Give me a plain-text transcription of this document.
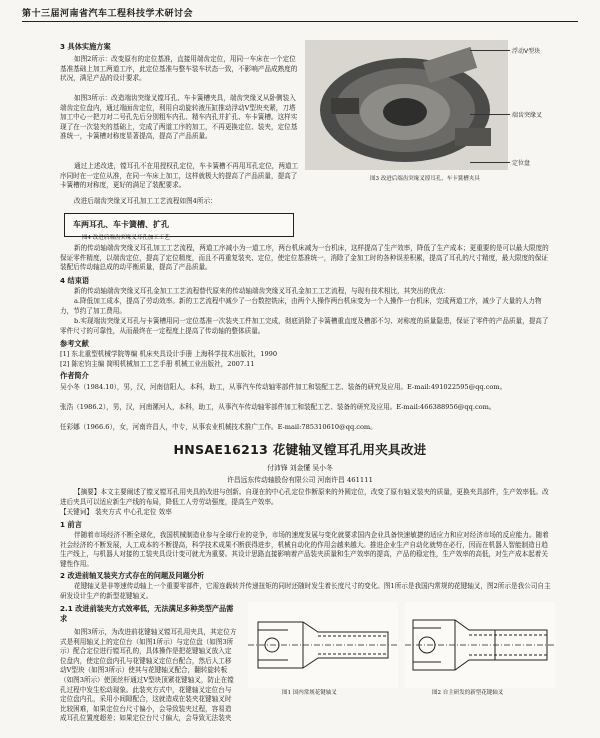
第十三届河南省汽车工程科技学术研讨会
3 具体实施方案
如图2所示：改变原有的定位基准，直接用端齿定位，用同一车床在一个定位基准基础上加工两道工序，此定位基准与整车装车状态一致，不影响产品成熟度的状况，满足产品的设计要求。
如图3所示：改造端齿突缘叉镗耳孔、车卡簧槽夹具，端齿突缘叉从卧侧装入端齿定位盘内，通过端面齿定位，利用自动旋转液压缸推动浮动V型块夹紧，刀塔加工中心一把刀对二号孔先后分别粗车内孔、精车内孔并扩孔、车卡簧槽。这样实现了在一次装夹的基础上，完成了两道工序的加工，不再更换定位、装夹，定位基准统一，卡簧槽对称度显著提高，提高了产品质量。
通过上述改进，镗耳孔不在用授权孔定位，车卡簧槽不再用耳孔定位，两道工序同时在一定位从准，在同一车床上加工，这样就极大的提高了产品质量，提高了卡簧槽的对称度，更好的满足了装配要求。
改进后端齿突缘叉耳孔加工工艺流程如图4所示：
浮动V型块
端齿突缘叉
定位盘
图3 改进后端齿突缘叉镗耳孔、车卡簧槽夹具
车两耳孔、车卡簧槽、扩孔
图4 改进后端齿突缘叉耳孔加工工艺
新的传动轴端齿突缘叉耳孔加工工艺流程，两道工序减小为一道工序，两台机床减为一台机床，这样提高了生产效率，降低了生产成本；更重要的是可以最大限度的保证零件精度，以端齿定位，提高了定位精度，而且不再重复装夹、定位，使定位基准统一，消除了金加工时的各种误差积累，提高了耳孔的尺寸精度，最大限度的保证装配后传动轴总成的动平衡质量，提高了产品质量。
4 结束语
新的传动轴端齿突缘叉耳孔金加工工艺流程替代原来的传动轴端齿突缘叉耳孔金加工工艺流程，与现有技术相比，其突出的优点：
a.降低加工成本，提高了劳动效率。新的工艺流程中减少了一台数控铣床，由两个人操作两台机床变为一个人操作一台机床，完成两道工序，减少了大量的人力物力，节约了加工费用。
b.实现端齿突缘叉耳孔与卡簧槽用同一定位基准一次装夹工件加工完成，彻底消除了卡簧槽重直度及槽部不匀、对称度的质量隐患，保证了零件的产品质量，提高了零件尺寸的可靠性，从而最终在一定程度上提高了传动轴的整体质量。
参考文献
[1] 东北重型机械学院等编 机床夹具设计手册 上海科学技术出版社，1990
[2] 陈宏钧主编 简明机械加工工艺手册 机械工业出版社，2007.11
作者简介
吴小冬（1984.10），男，汉，河南信阳人，本科，助工，从事汽车传动轴零部件加工和装配工艺、装备的研究及应用。E-mail:491022595@qq.com。
张浩（1986.2），男，汉，河南漯河人，本科，助工，从事汽车传动轴零部件加工和装配工艺、装备的研究及应用。E-mail:466388956@qq.com。
任彩娜（1966.6），女，河南许昌人，中专，从事农业机械技术推广工作。E-mail:785310610@qq.com。
HNSAE16213 花键轴叉镗耳孔用夹具改进
付沛锋 刘金懂 吴小冬
许昌远东传动轴股份有限公司 河南许昌 461111
【摘要】本文主要阐述了镗叉镗耳孔用夹具的改进与创新。自现在的中心孔定位作断原来的外圆定位，改变了原有轴叉装夹的质量，更换夹具部件，生产效率低。改进后夹具可以适应新生产线的布局，降低工人劳劳动强度，提高生产效率。
【关键词】 装夹方式 中心孔定位 效率
1 前言
伴随着市场经济不断全球化，我国机械制造业参与全球行业的竞争，市场的速度发展与变化就要求国内企业具备快速敏捷的适应力和应对经济市场的反应能力。随着社会经济的不断发展，人工成本的不断提高，科学技术成果不断获得进步，机械自动化的作用会越来越大。推进企业生产自动化就势在必行，因而在机器人智能制造日趋生产线上，与机器人对接的工装夹具设计变可就尤为重要。其设计思路直接影响着产品装夹质量和生产效率的提高，产品的稳定性，生产效率的高低，对生产成本起着关键性作用。
2 改进前轴叉装夹方式存在的问题及问题分析
花键轴叉是非等速传动轴上一个重要零部件，它需连载转并传递扭矩的同时还随时发生着长度尺寸的变化。图1所示是我国内常规的花键轴叉，图2所示是我公司自主研发设计生产的新型花键轴叉。
2.1 改进前装夹方式效率低，无法满足多种类型产品需求
如图3所示，为改进前花键轴叉镗耳孔用夹具，其定位方式是利用轴叉上的定位台（如图1所示）与定位盘（如图3所示）配合定位进行镗耳孔的，具体操作是把花键轴叉放入定位盘内，使定位盘内孔与花键轴叉定位台配合，然后人工移动V型块（如图3所示）使其与花键轴叉配合，翻转旋转板（如图3所示）使顶丝杆通过V型块顶紧花键轴叉，防止在镗孔过程中发生松动现象。此装夹方式中，花键轴叉定位台与定位盘内孔，采用小间隙配合，这就造成在装夹花键轴叉时比较困难，如果定位台尺寸偏小，会导致装夹过程，容易造成耳孔位置度超差；如果定位台尺寸偏大，会导致无法装夹
图1 国内常规花键轴叉	图2 自主研发的新型花键轴叉
